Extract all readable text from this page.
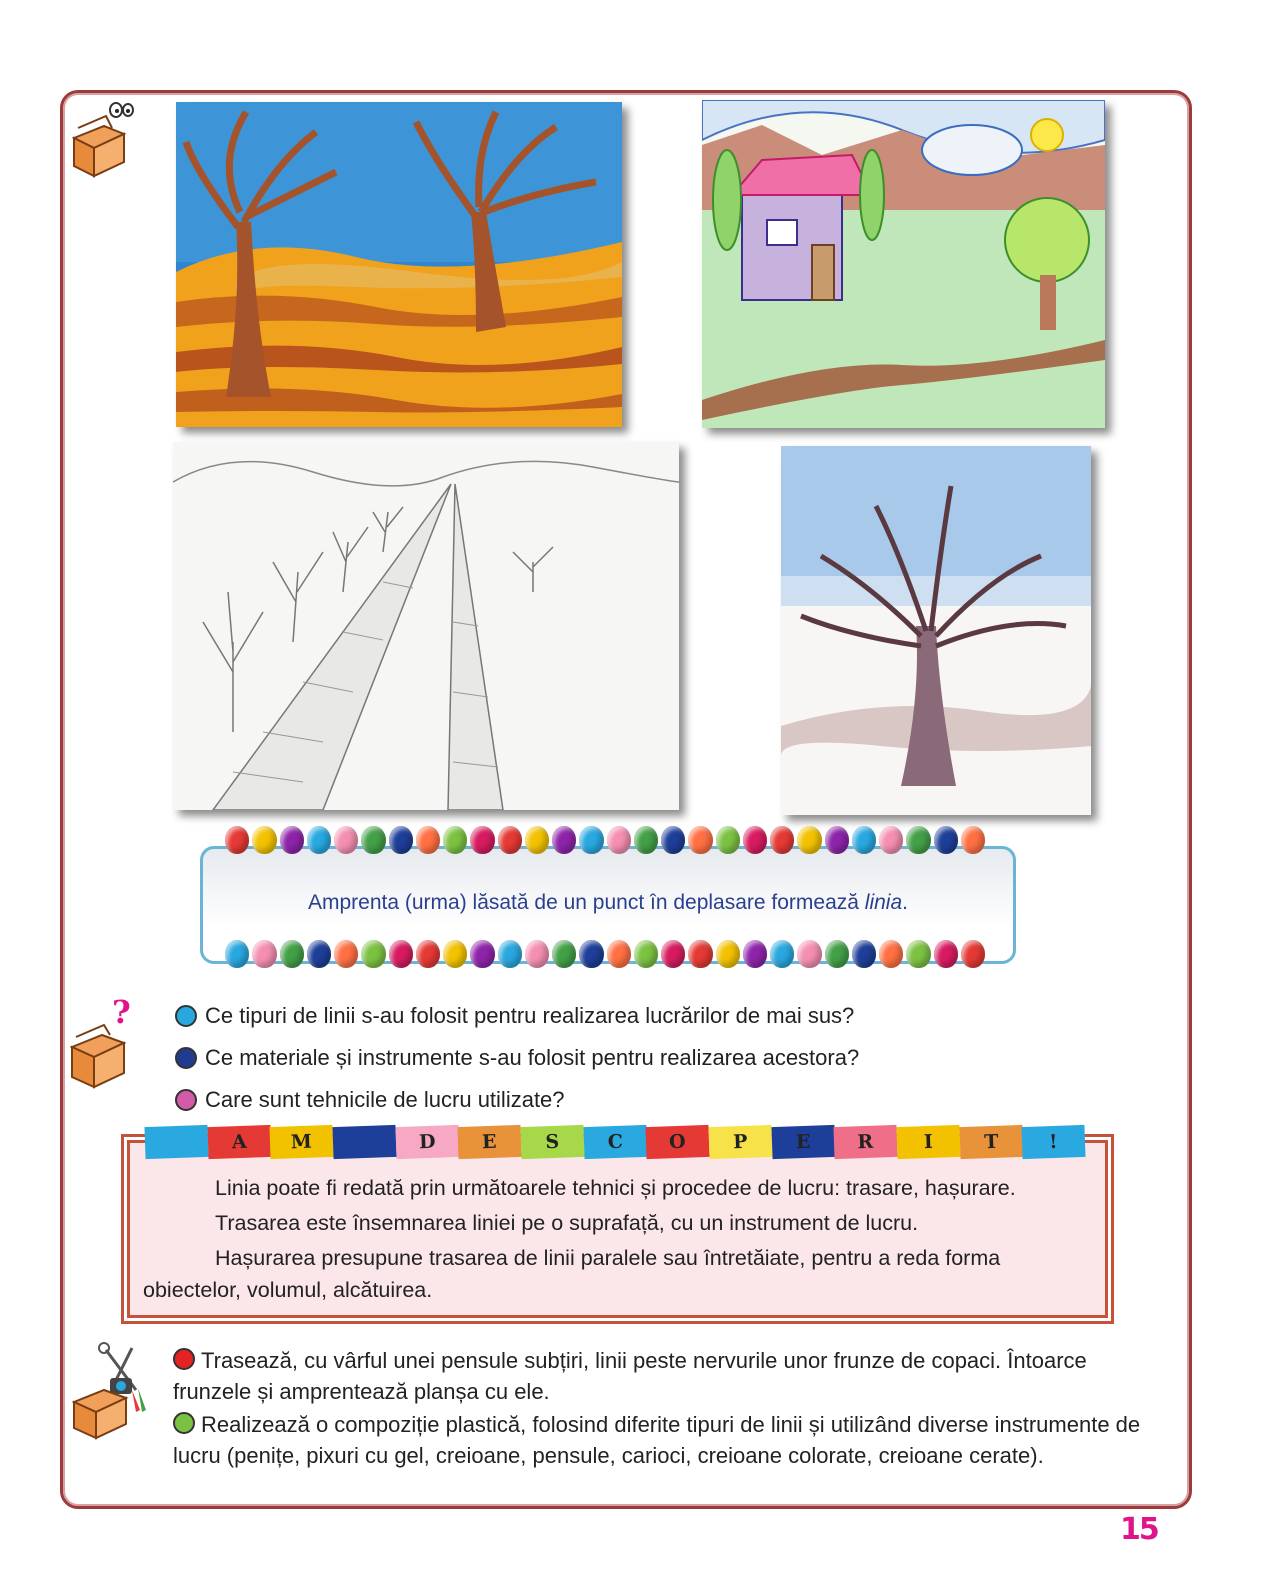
?
Amprenta (urma) lăsată de un punct în deplasare formează linia.
Ce tipuri de linii s-au folosit pentru realizarea lucrărilor de mai sus?
Ce materiale și instrumente s-au folosit pentru realizarea acestora?
Care sunt tehnicile de lucru utilizate?
A	M	D	E	S	C	O	P	E	R	I	T	!

Linia poate fi redată prin următoarele tehnici și procedee de lucru: trasare, hașurare.

Trasarea este însemnarea liniei pe o suprafață, cu un instrument de lucru.

Hașurarea presupune trasarea de linii paralele sau întretăiate, pentru a reda forma obiectelor, volumul, alcătuirea.

Trasează, cu vârful unei pensule subțiri, linii peste nervurile unor frunze de copaci. Întoarce frunzele și amprentează planșa cu ele.

Realizează o compoziție plastică, folosind diferite tipuri de linii și utilizând diverse instrumente de lucru (penițe, pixuri cu gel, creioane, pensule, carioci, creioane colorate, creioane cerate).

15
